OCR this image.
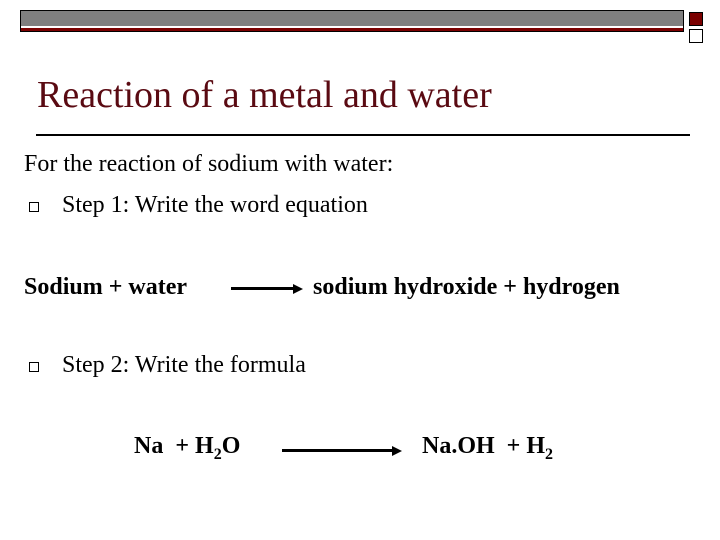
Reaction of a metal and water
For the reaction of sodium with water:
Step 1: Write the word equation
Sodium + water	sodium hydroxide + hydrogen
Step 2: Write the formula
$Na + H_2O$	$Na.OH + H_2$
